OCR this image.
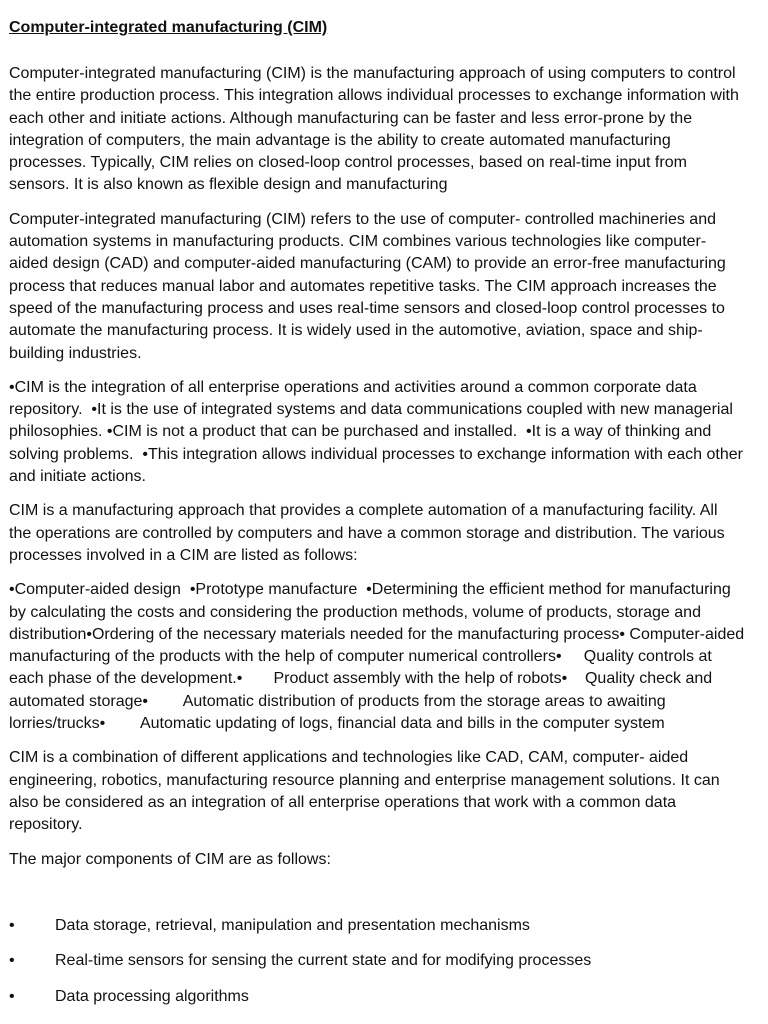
Computer-integrated manufacturing (CIM)

Computer-integrated manufacturing (CIM) is the manufacturing approach of using computers to control
the entire production process. This integration allows individual processes to exchange information with
each other and initiate actions. Although manufacturing can be faster and less error-prone by the
integration of computers, the main advantage is the ability to create automated manufacturing
processes. Typically, CIM relies on closed-loop control processes, based on real-time input from
sensors. It is also known as flexible design and manufacturing

Computer-integrated manufacturing (CIM) refers to the use of computer- controlled machineries and
automation systems in manufacturing products. CIM combines various technologies like computer-
aided design (CAD) and computer-aided manufacturing (CAM) to provide an error-free manufacturing
process that reduces manual labor and automates repetitive tasks. The CIM approach increases the
speed of the manufacturing process and uses real-time sensors and closed-loop control processes to
automate the manufacturing process. It is widely used in the automotive, aviation, space and ship-
building industries.

•CIM is the integration of all enterprise operations and activities around a common corporate data
repository.  •It is the use of integrated systems and data communications coupled with new managerial
philosophies. •CIM is not a product that can be purchased and installed.  •It is a way of thinking and
solving problems.  •This integration allows individual processes to exchange information with each other
and initiate actions.

CIM is a manufacturing approach that provides a complete automation of a manufacturing facility. All
the operations are controlled by computers and have a common storage and distribution. The various
processes involved in a CIM are listed as follows:

•Computer-aided design  •Prototype manufacture  •Determining the efficient method for manufacturing
by calculating the costs and considering the production methods, volume of products, storage and
distribution•Ordering of the necessary materials needed for the manufacturing process• Computer-aided
manufacturing of the products with the help of computer numerical controllers•     Quality controls at
each phase of the development.•       Product assembly with the help of robots•    Quality check and
automated storage•        Automatic distribution of products from the storage areas to awaiting
lorries/trucks•        Automatic updating of logs, financial data and bills in the computer system

CIM is a combination of different applications and technologies like CAD, CAM, computer- aided
engineering, robotics, manufacturing resource planning and enterprise management solutions. It can
also be considered as an integration of all enterprise operations that work with a common data
repository.

The major components of CIM are as follows:

•	Data storage, retrieval, manipulation and presentation mechanisms
•	Real-time sensors for sensing the current state and for modifying processes
•	Data processing algorithms
